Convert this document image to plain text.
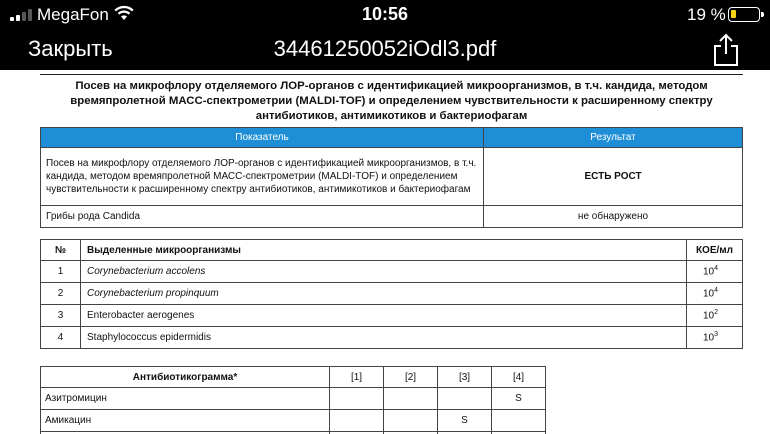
MegaFon	10:56	19 %
Закрыть	34461250052iOdl3.pdf
Посев на микрофлору отделяемого ЛОР-органов с идентификацией микроорганизмов, в т.ч. кандида, методом времяпролетной МАСС-спектрометрии (MALDI-TOF) и определением чувствительности к расширенному спектру антибиотиков, антимикотиков и бактериофагам
Показатель	Результат
Посев на микрофлору отделяемого ЛОР-органов с идентификацией микроорганизмов, в т.ч. кандида, методом времяпролетной МАСС-спектрометрии (MALDI-TOF) и определением чувствительности к расширенному спектру антибиотиков, антимикотиков и бактериофагам	ЕСТЬ РОСТ
Грибы рода Candida	не обнаружено
№	Выделенные микроорганизмы	КОЕ/мл
1	Corynebacterium accolens	$10^4$
2	Corynebacterium propinquum	$10^4$
3	Enterobacter aerogenes	$10^2$
4	Staphylococcus epidermidis	$10^3$
Антибиотикограмма*	[1]	[2]	[3]	[4]
Азитромицин				S
Амикацин			S	
